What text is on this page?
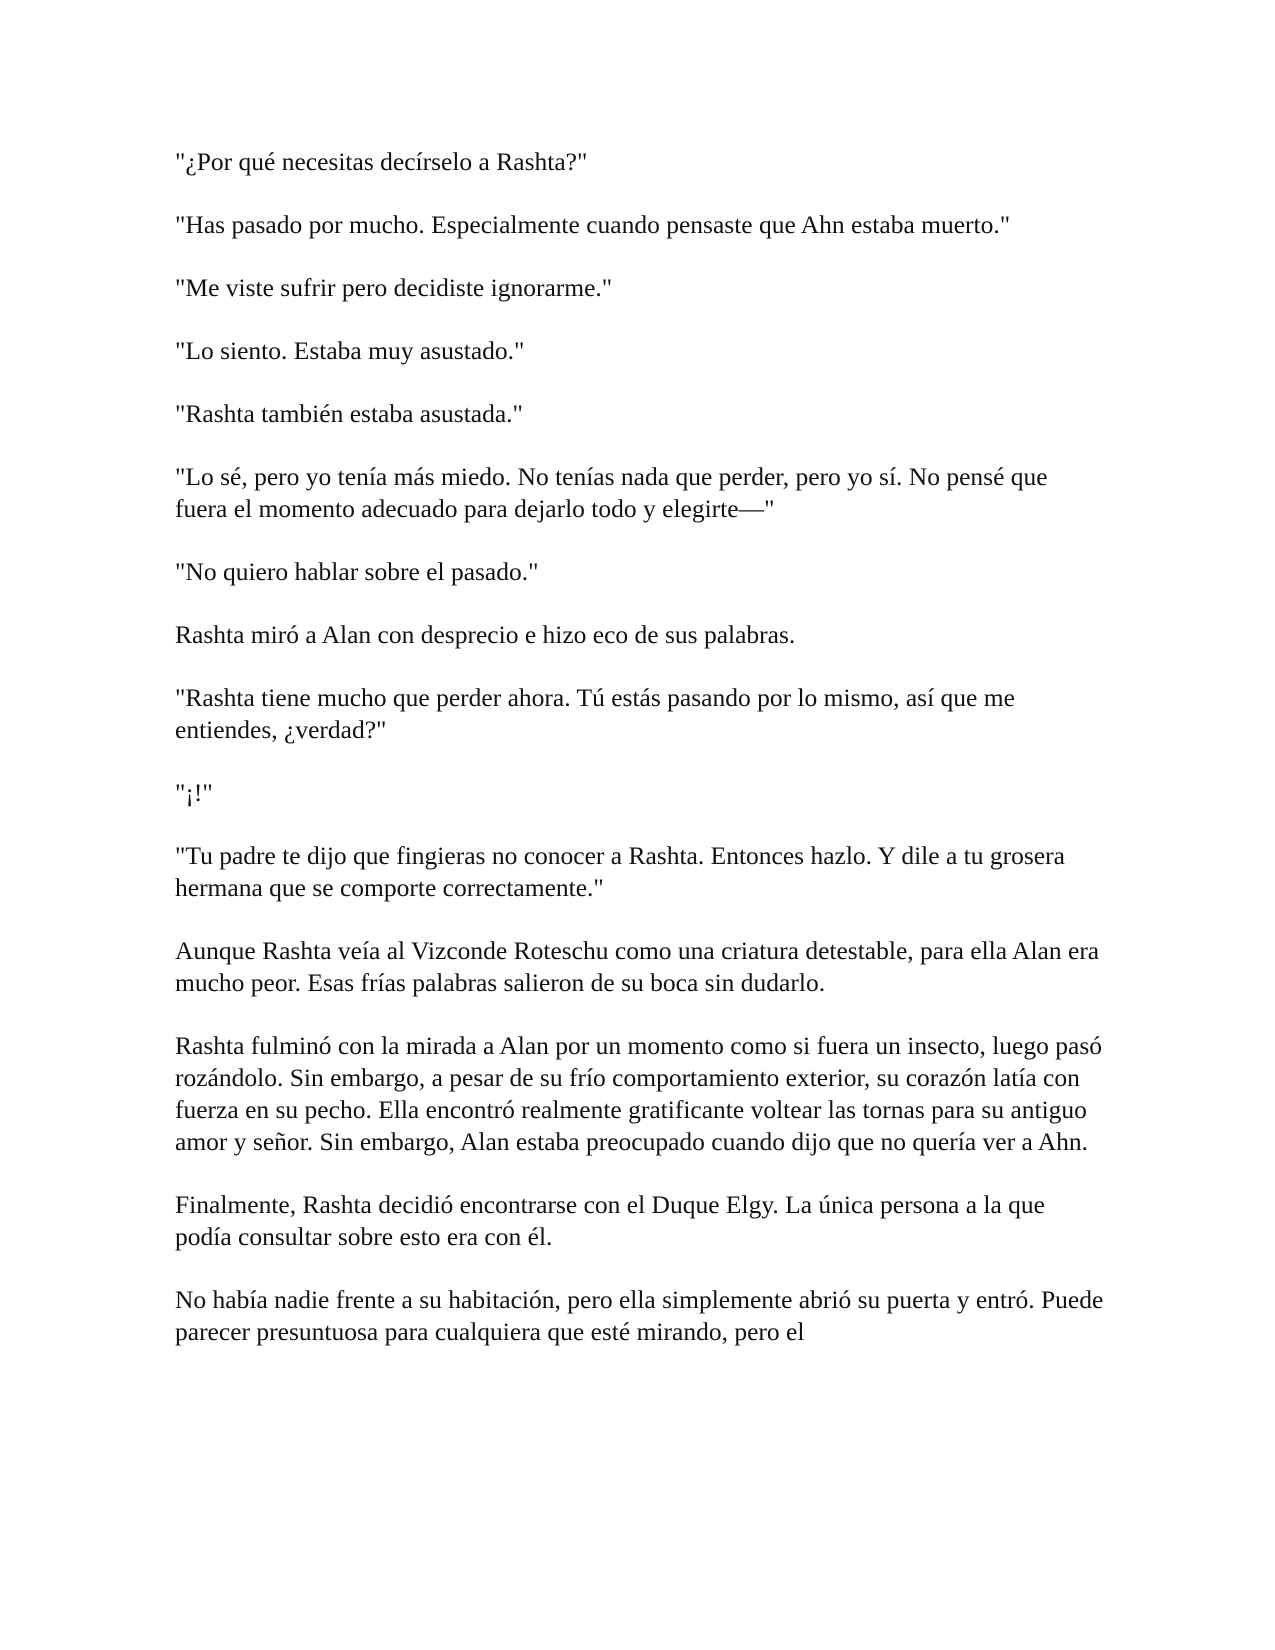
"¿Por qué necesitas decírselo a Rashta?"

"Has pasado por mucho. Especialmente cuando pensaste que Ahn estaba muerto."

"Me viste sufrir pero decidiste ignorarme."

"Lo siento. Estaba muy asustado."

"Rashta también estaba asustada."

"Lo sé, pero yo tenía más miedo. No tenías nada que perder, pero yo sí. No pensé que fuera el momento adecuado para dejarlo todo y elegirte—"

"No quiero hablar sobre el pasado."

Rashta miró a Alan con desprecio e hizo eco de sus palabras.

"Rashta tiene mucho que perder ahora. Tú estás pasando por lo mismo, así que me entiendes, ¿verdad?"

"¡!"

"Tu padre te dijo que fingieras no conocer a Rashta. Entonces hazlo. Y dile a tu grosera hermana que se comporte correctamente."

Aunque Rashta veía al Vizconde Roteschu como una criatura detestable, para ella Alan era mucho peor. Esas frías palabras salieron de su boca sin dudarlo.

Rashta fulminó con la mirada a Alan por un momento como si fuera un insecto, luego pasó rozándolo. Sin embargo, a pesar de su frío comportamiento exterior, su corazón latía con fuerza en su pecho. Ella encontró realmente gratificante voltear las tornas para su antiguo amor y señor. Sin embargo, Alan estaba preocupado cuando dijo que no quería ver a Ahn.

Finalmente, Rashta decidió encontrarse con el Duque Elgy. La única persona a la que podía consultar sobre esto era con él.

No había nadie frente a su habitación, pero ella simplemente abrió su puerta y entró. Puede parecer presuntuosa para cualquiera que esté mirando, pero el
